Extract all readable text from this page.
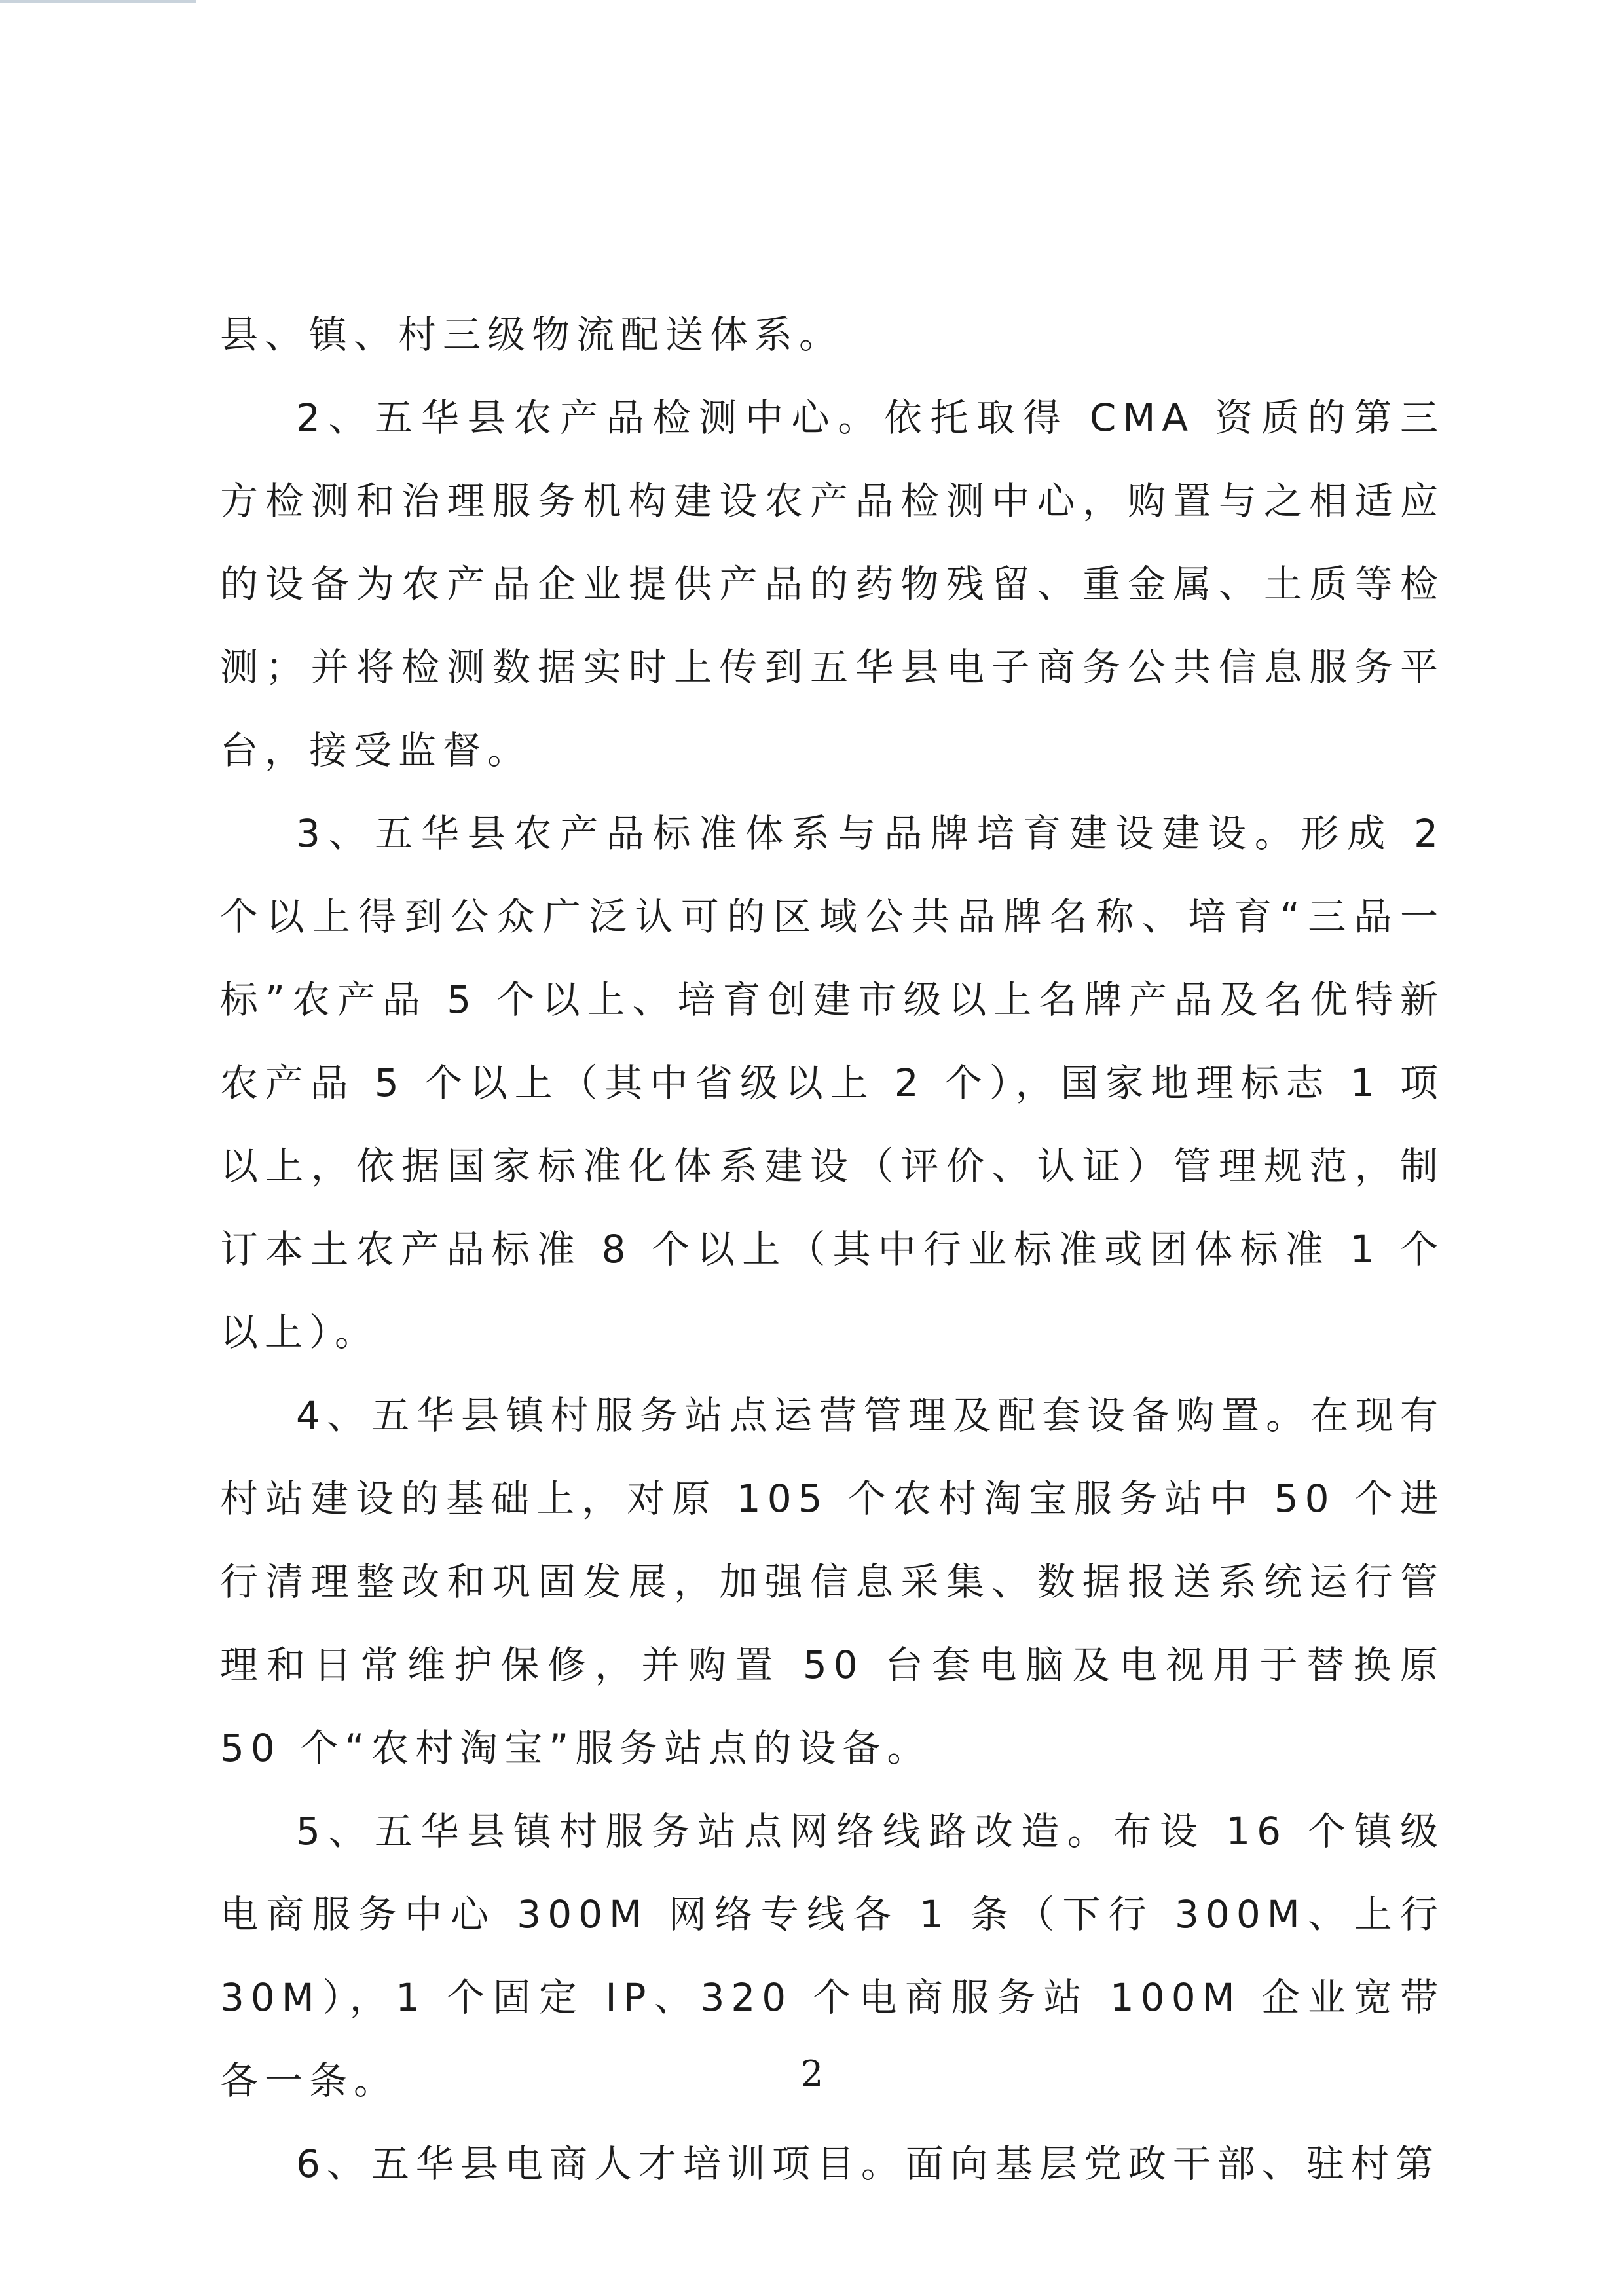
县、镇、村三级物流配送体系。

2、五华县农产品检测中心。依托取得 CMA 资质的第三方检测和治理服务机构建设农产品检测中心，购置与之相适应的设备为农产品企业提供产品的药物残留、重金属、土质等检测；并将检测数据实时上传到五华县电子商务公共信息服务平台，接受监督。

3、五华县农产品标准体系与品牌培育建设建设。形成 2 个以上得到公众广泛认可的区域公共品牌名称、培育“三品一标”农产品 5 个以上、培育创建市级以上名牌产品及名优特新农产品 5 个以上（其中省级以上 2 个），国家地理标志 1 项以上，依据国家标准化体系建设（评价、认证）管理规范，制订本土农产品标准 8 个以上（其中行业标准或团体标准 1 个以上）。

4、五华县镇村服务站点运营管理及配套设备购置。在现有村站建设的基础上，对原 105 个农村淘宝服务站中 50 个进行清理整改和巩固发展，加强信息采集、数据报送系统运行管理和日常维护保修，并购置 50 台套电脑及电视用于替换原 50 个“农村淘宝”服务站点的设备。

5、五华县镇村服务站点网络线路改造。布设 16 个镇级电商服务中心 300M 网络专线各 1 条（下行 300M、上行 30M），1 个固定 IP、320 个电商服务站 100M 企业宽带各一条。

6、五华县电商人才培训项目。面向基层党政干部、驻村第

2
